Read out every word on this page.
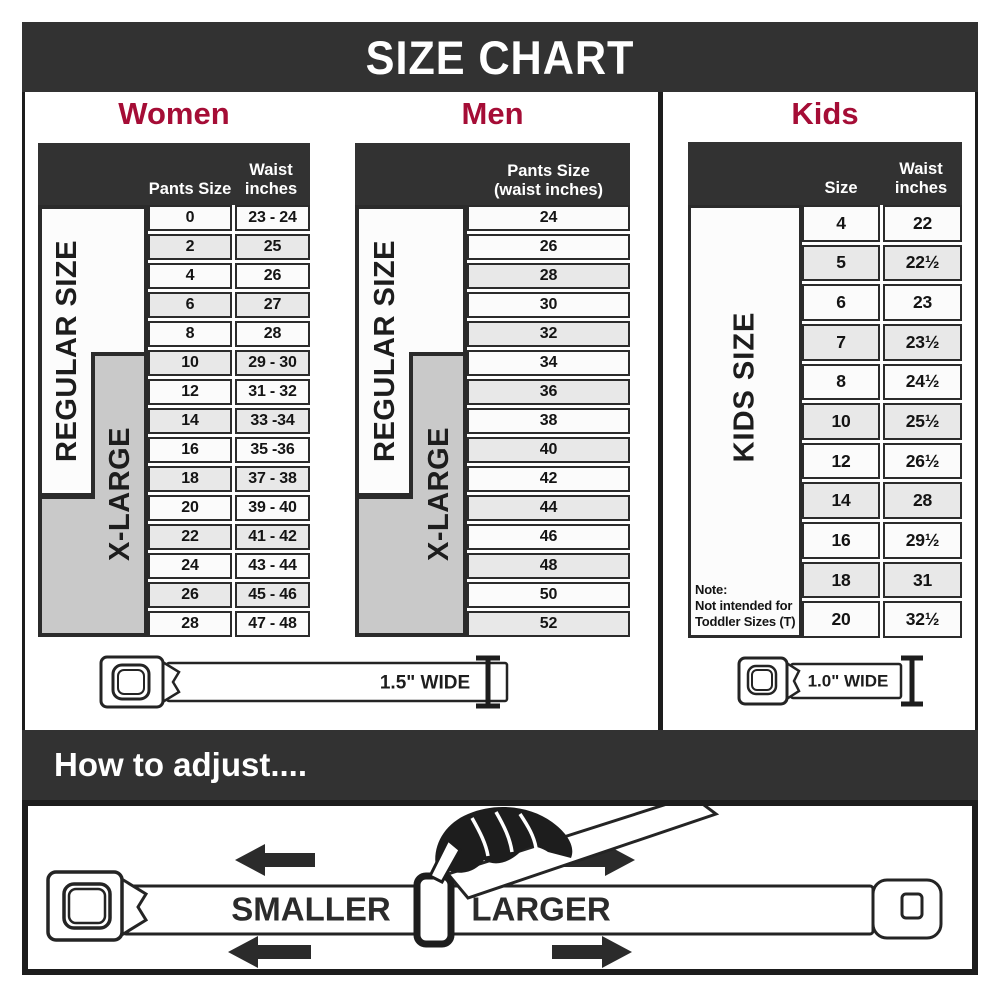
SIZE CHART
Women	Men	Kids
Pants Size
Waist
inches
REGULAR SIZE
X-LARGE
0	23 - 24
2	25
4	26
6	27
8	28
10	29 - 30
12	31 - 32
14	33 -34
16	35 -36
18	37 - 38
20	39 - 40
22	41 - 42
24	43 - 44
26	45 - 46
28	47 - 48
Pants Size
(waist inches)
REGULAR SIZE
X-LARGE
24
26
28
30
32
34
36
38
40
42
44
46
48
50
52
Size
Waist
inches
KIDS SIZE
Note:
Not intended for
Toddler Sizes (T)
4	22
5	22½
6	23
7	23½
8	24½
10	25½
12	26½
14	28
16	29½
18	31
20	32½
1.5" WIDE	1.0" WIDE
How to adjust....
SMALLER LARGER
